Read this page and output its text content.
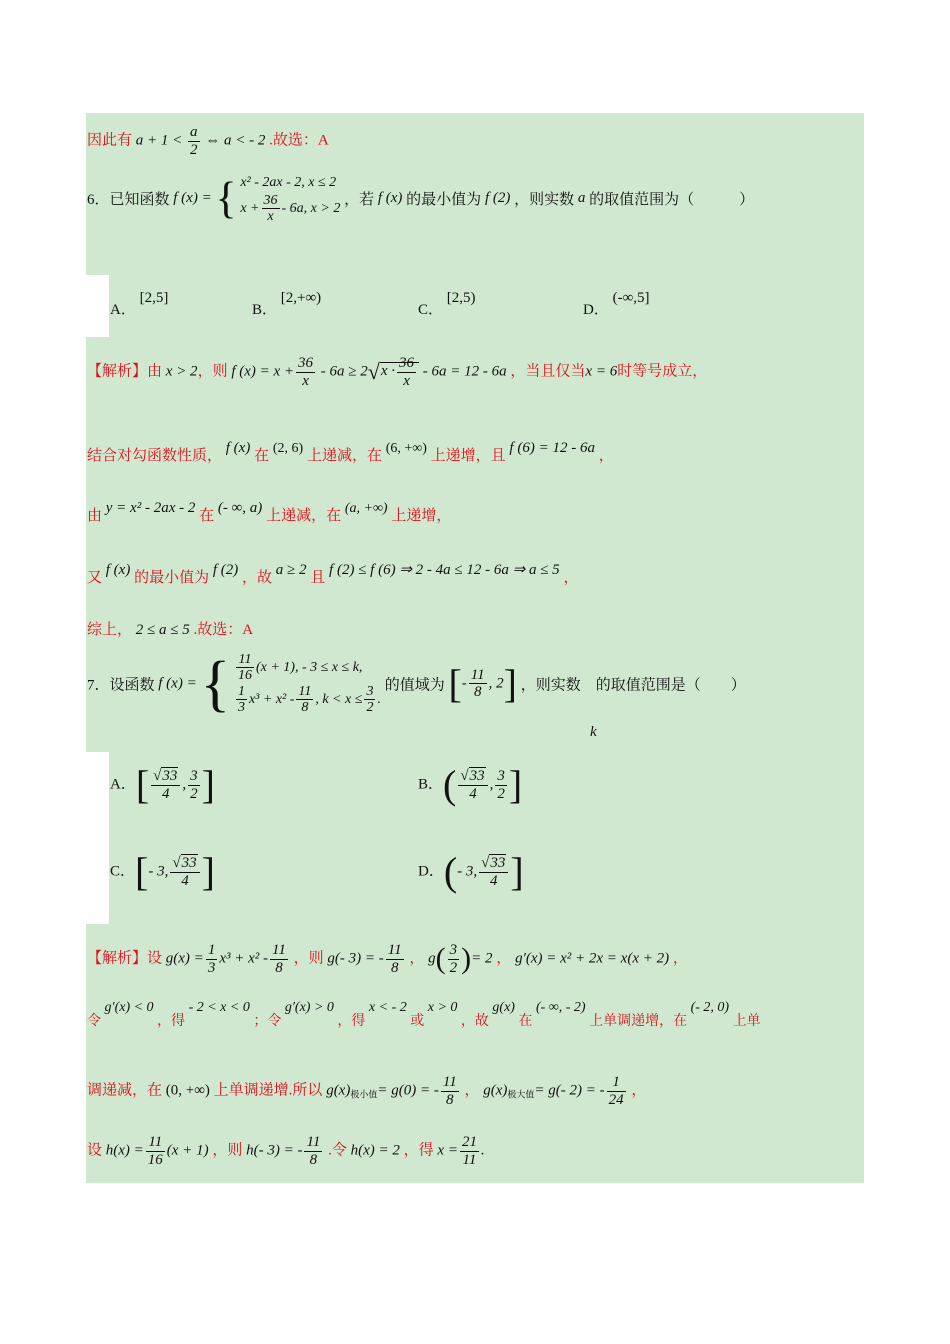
因此有 $a + 1 < \frac{a}{2}$ ⇔ a < - 2 .故选：A
6．已知函数 f (x) = { x² - 2ax - 2, x ≤ 2
$x + \frac{36}{x} - 6a$, x > 2
，若 f (x) 的最小值为 f (2) ，则实数 a 的取值范围为（　　　）
A． [2,5]
B． [2,+∞)
C． [2,5)
D． (-∞,5]
【解析】由 x > 2，则 f $(x) = x + \frac{36}{x} - 6a \ge 2√x \cdot \frac{36}{x} - 6a = 12 - 6a$ ，当且仅当x = 6时等号成立，
结合对勾函数性质， f (x) 在 (2, 6) 上递减，在 (6, +∞) 上递增，且 f (6) = 12 - 6a ，
由 y = x² - 2ax - 2 在 (- ∞, a) 上递减，在 (a, +∞) 上递增，
又 f (x) 的最小值为 f (2) ，故 a ≥ 2 且 f (2) ≤ f (6) ⇒ 2 - 4a ≤ 12 - 6a ⇒ a ≤ 5 ，
综上， 2 ≤ a ≤ 5 .故选：A
7．设函数 f (x) = { $\frac{11}{16} (x + 1)$, - 3 ≤ x ≤ k,
$\frac{1}{3} x^3 + x^2 - \frac{11}{8}$ , $k < x \le \frac{3}{2}$ .
的值域为 [- $\frac{11}{8}$ , 2] ，则实数　的取值范围是（　　）
k
A．[ $\frac{√33}{4}$ , $\frac{3}{2}$ ]	B．( $\frac{√33}{4}$ , $\frac{3}{2}$ ]
C．[- 3, $\frac{√33}{4}$ ]	D．(- 3, $\frac{√33}{4}$ ]
【解析】设 $g(x) = \frac{1}{3} x^3 + x^2 - \frac{11}{8}$ ，则 g(- 3) = - $\frac{11}{8}$ ， $g( \frac{3}{2}$ )= 2 ， g′(x) = x² + 2x = x(x + 2) ，
令 g′(x) < 0 ，得 - 2 < x < 0 ；令 g′(x) > 0 ，得 x < - 2 或 x > 0 ，故 g(x) 在 (- ∞, - 2) 上单调递增，在 (- 2, 0) 上单
调递减，在 (0, +∞) 上单调递增.所以 $g(x)_{极小值}= g(0)$ = - $\frac{11}{8}$ ， $g(x)_{极大值}= g(-$ 2) = - $\frac{1}{24}$ ，
设 $h(x) = \frac{11}{16} (x + 1)$ ，则 h(- 3) = - $\frac{11}{8}$ .令 h(x) = 2 ，得 $x = \frac{21}{11}$ .
